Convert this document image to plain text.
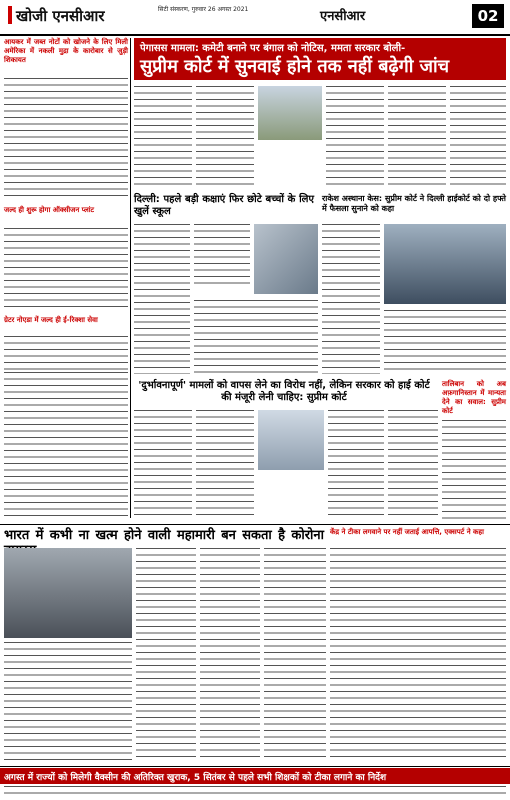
खोजी एनसीआर	सिटी संस्करण, गुरुवार 26 अगस्त 2021	एनसीआर	02
आयकर में जब्त नोटों को खोजने के लिए मिली अमेरिका में नकली मुद्रा के कारोबार से जुड़ी शिकायत
जल्द ही शुरू होगा ऑक्सीजन प्लांट
ग्रेटर नोएडा में जल्द ही ई-रिक्शा सेवा
पेगासस मामला: कमेटी बनाने पर बंगाल को नोटिस, ममता सरकार बोली-
सुप्रीम कोर्ट में सुनवाई होने तक नहीं बढ़ेगी जांच
दिल्ली: पहले बड़ी कक्षाएं फिर छोटे बच्चों के लिए खुलें स्कूल
राकेश अस्थाना केस: सुप्रीम कोर्ट ने दिल्ली हाईकोर्ट को दो हफ्ते में फैसला सुनाने को कहा
'दुर्भावनापूर्ण' मामलों को वापस लेने का विरोध नहीं, लेकिन सरकार को हाई कोर्ट की मंजूरी लेनी चाहिए: सुप्रीम कोर्ट
तालिबान को अब अफ़गानिस्तान में मान्यता देने का सवाल: सुप्रीम कोर्ट
भारत में कभी ना खत्म होने वाली महामारी बन सकता है कोरोना केंद्र ने टीका लगवाने पर नहीं जताई आपत्ति, एक्सपर्ट ने कहा
अगस्त में राज्यों को मिलेगी वैक्सीन की अतिरिक्त खुराक, 5 सितंबर से पहले सभी शिक्षकों को टीका लगाने का निर्देश
